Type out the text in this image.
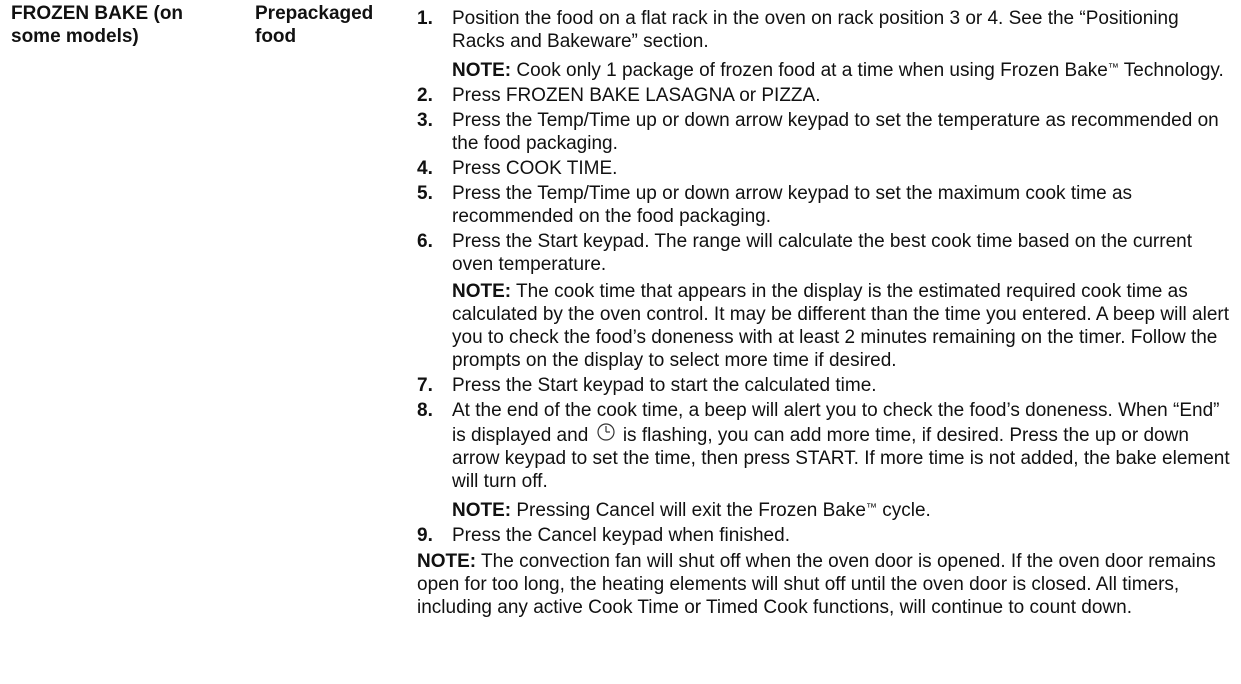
FROZEN BAKE (on
some models)
Prepackaged
food
1. Position the food on a flat rack in the oven on rack position 3 or 4. See the “Positioning Racks and Bakeware” section.
NOTE: Cook only 1 package of frozen food at a time when using Frozen Bake™ Technology.
2. Press FROZEN BAKE LASAGNA or PIZZA.
3. Press the Temp/Time up or down arrow keypad to set the temperature as recommended on the food packaging.
4. Press COOK TIME.
5. Press the Temp/Time up or down arrow keypad to set the maximum cook time as recommended on the food packaging.
6. Press the Start keypad. The range will calculate the best cook time based on the current oven temperature.
NOTE: The cook time that appears in the display is the estimated required cook time as calculated by the oven control. It may be different than the time you entered. A beep will alert you to check the food’s doneness with at least 2 minutes remaining on the timer. Follow the prompts on the display to select more time if desired.
7. Press the Start keypad to start the calculated time.
8. At the end of the cook time, a beep will alert you to check the food’s doneness. When “End” is displayed and is flashing, you can add more time, if desired. Press the up or down arrow keypad to set the time, then press START. If more time is not added, the bake element will turn off.
NOTE: Pressing Cancel will exit the Frozen Bake™ cycle.
9. Press the Cancel keypad when finished.
NOTE: The convection fan will shut off when the oven door is opened. If the oven door remains open for too long, the heating elements will shut off until the oven door is closed. All timers, including any active Cook Time or Timed Cook functions, will continue to count down.
